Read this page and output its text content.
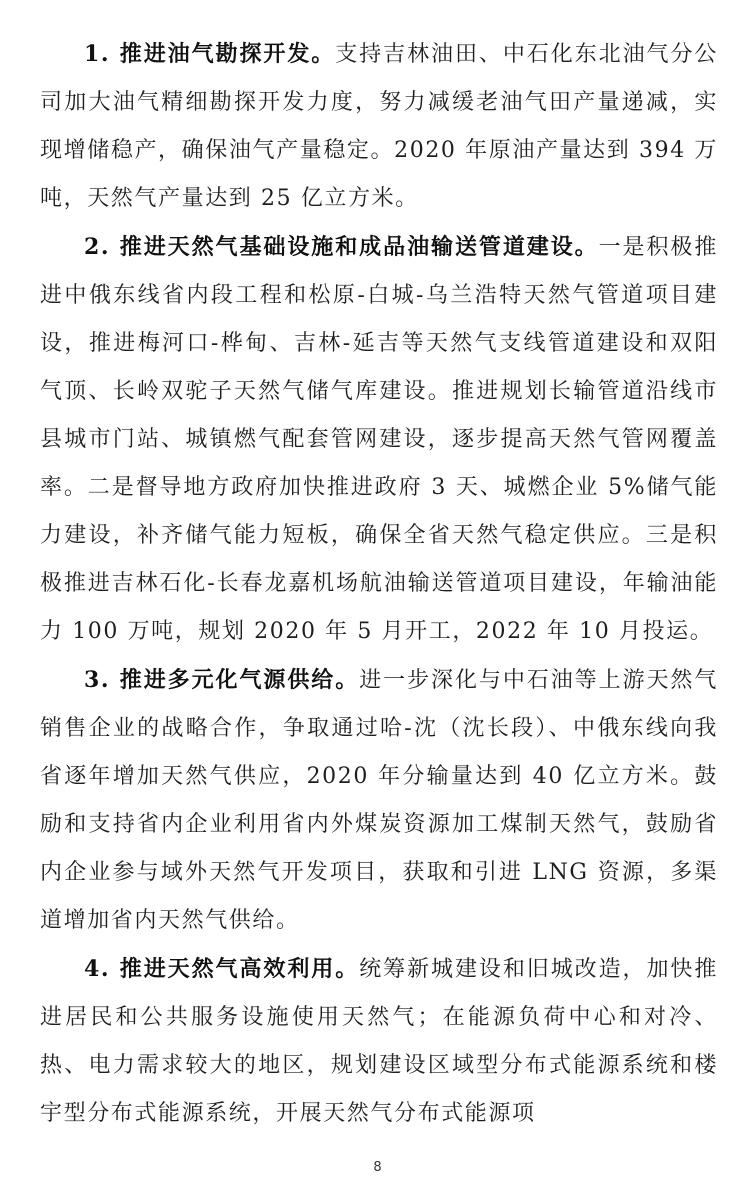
1. 推进油气勘探开发。支持吉林油田、中石化东北油气分公司加大油气精细勘探开发力度，努力减缓老油气田产量递减，实现增储稳产，确保油气产量稳定。2020 年原油产量达到 394 万吨，天然气产量达到 25 亿立方米。

2. 推进天然气基础设施和成品油输送管道建设。一是积极推进中俄东线省内段工程和松原-白城-乌兰浩特天然气管道项目建设，推进梅河口-桦甸、吉林-延吉等天然气支线管道建设和双阳气顶、长岭双驼子天然气储气库建设。推进规划长输管道沿线市县城市门站、城镇燃气配套管网建设，逐步提高天然气管网覆盖率。二是督导地方政府加快推进政府 3 天、城燃企业 5%储气能力建设，补齐储气能力短板，确保全省天然气稳定供应。三是积极推进吉林石化-长春龙嘉机场航油输送管道项目建设，年输油能力 100 万吨，规划 2020 年 5 月开工，2022 年 10 月投运。

3. 推进多元化气源供给。进一步深化与中石油等上游天然气销售企业的战略合作，争取通过哈-沈（沈长段）、中俄东线向我省逐年增加天然气供应，2020 年分输量达到 40 亿立方米。鼓励和支持省内企业利用省内外煤炭资源加工煤制天然气，鼓励省内企业参与域外天然气开发项目，获取和引进 LNG 资源，多渠道增加省内天然气供给。

4. 推进天然气高效利用。统筹新城建设和旧城改造，加快推进居民和公共服务设施使用天然气；在能源负荷中心和对冷、热、电力需求较大的地区，规划建设区域型分布式能源系统和楼宇型分布式能源系统，开展天然气分布式能源项

8
